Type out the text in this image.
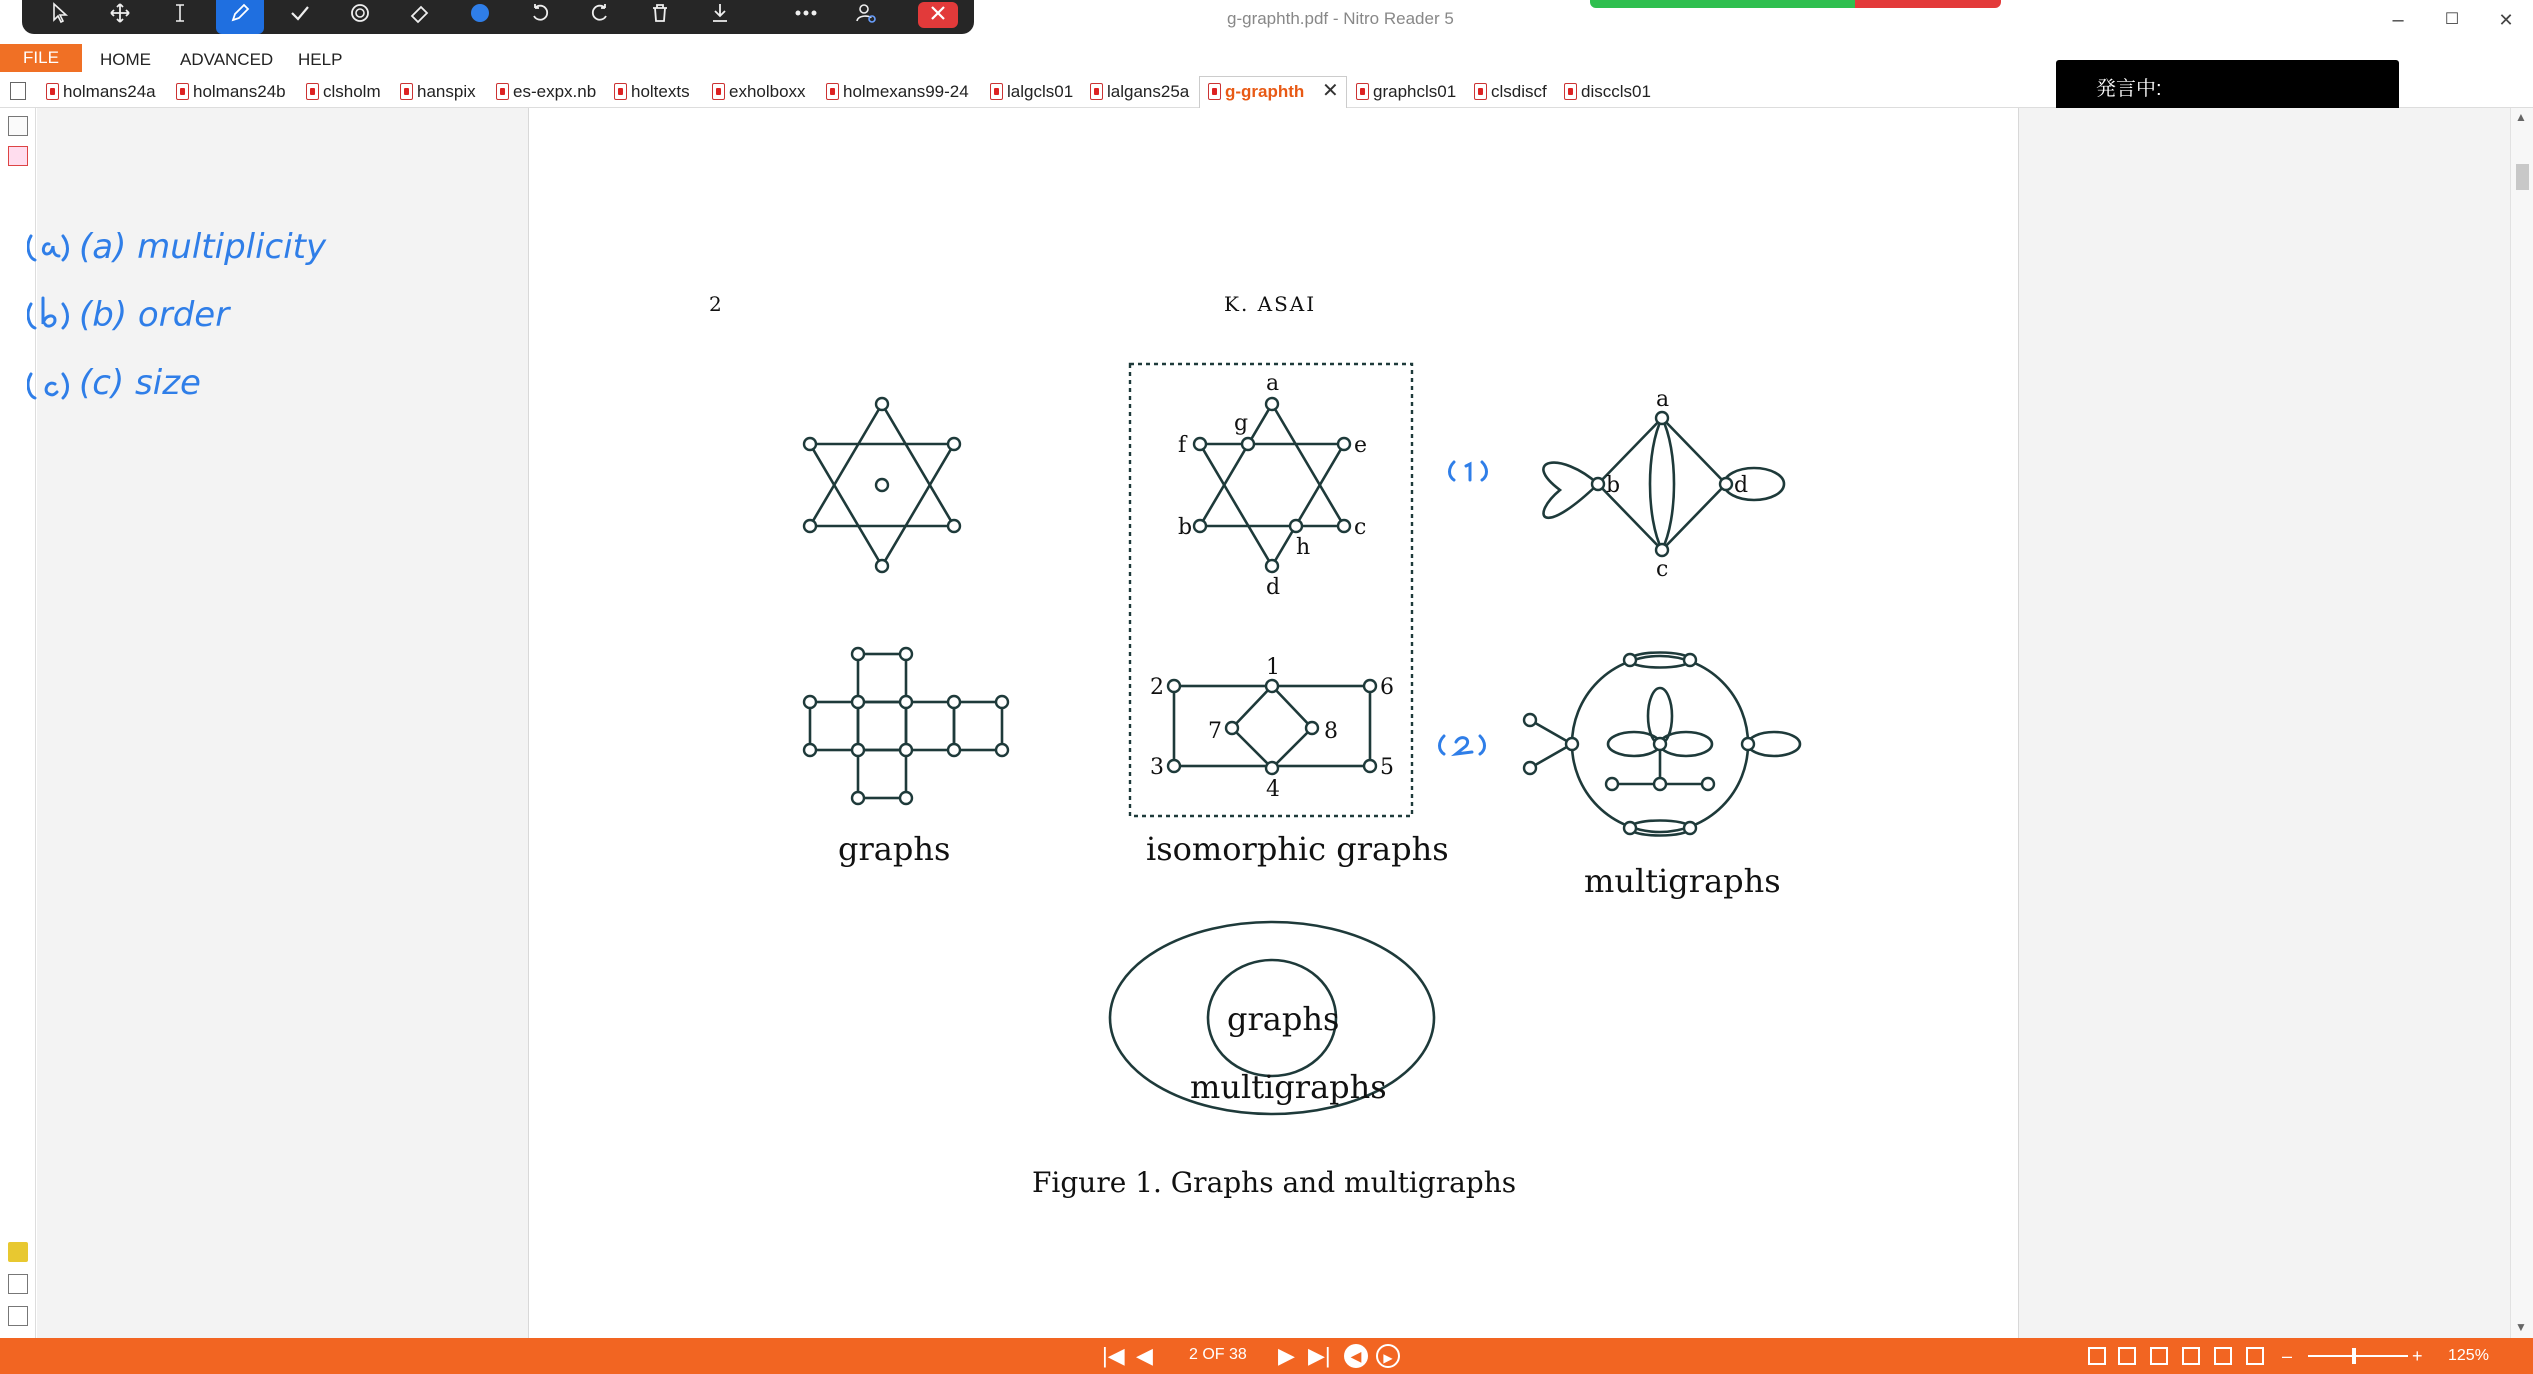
g-graphth.pdf - Nitro Reader 5	–	☐	✕
FILE	HOME ADVANCED HELP
holmans24a	holmans24b	clsholm	hanspix	es-expx.nb	holtexts	exholboxx	holmexans99-24	lalgcls01	lalgans25a	g-graphth ✕	graphcls01	clsdiscf	disccls01	発言中:
(a) multiplicity
(b) order
(c) size
2	K. ASAI
a
g
f	e
b	c
h
d
1
2	6
7	8
3
4
5
a
b	d
c
graphs	isomorphic graphs
multigraphs
graphs
multigraphs
Figure 1. Graphs and multigraphs
▲
▼
|◀ ◀ 2 OF 38 ▶ ▶|	◀	▶	–	+ 125%
